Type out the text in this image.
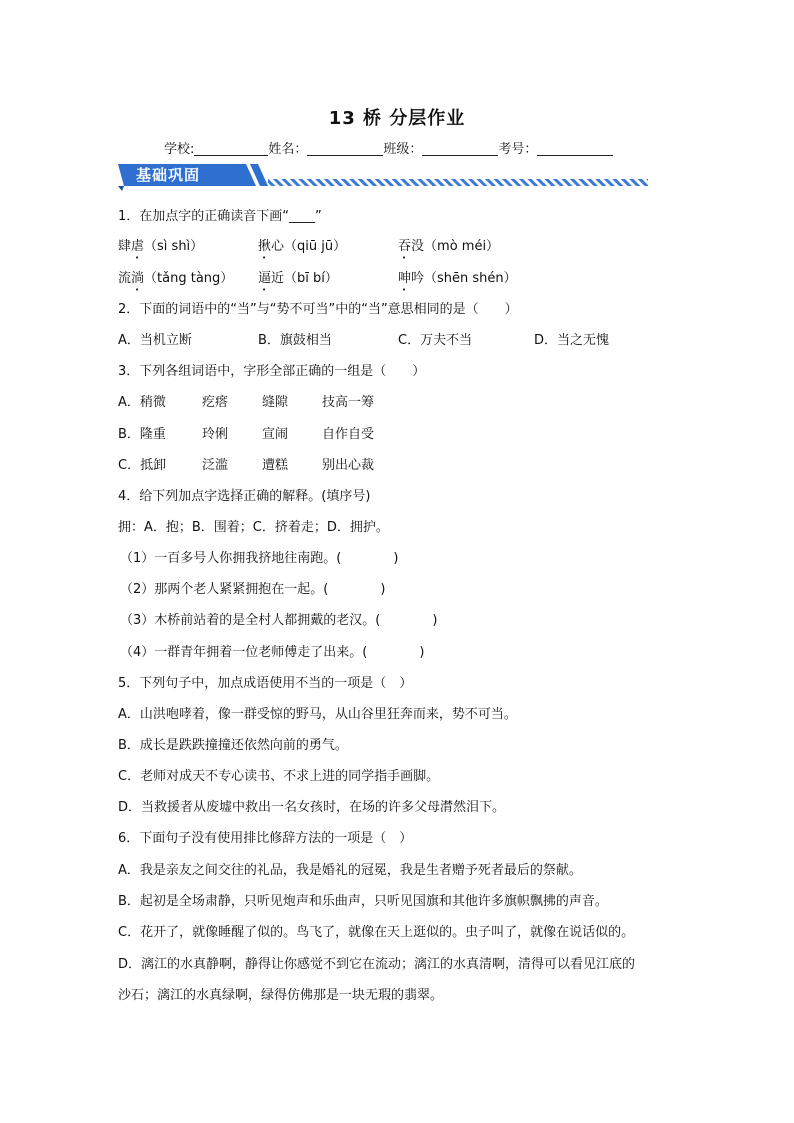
13 桥 分层作业
学校:	姓名：	班级：	考号：
基础巩固
1．在加点字的正确读音下画“____”
肆虐（sì shì）	揪心（qiū jū）	吞没（mò méi）
流淌（tǎng tàng） 逼近（bī bí）	呻吟（shēn shén）
2．下面的词语中的“当”与“势不可当”中的“当”意思相同的是（　　）
A．当机立断	B．旗鼓相当	C．万夫不当	D．当之无愧
3．下列各组词语中，字形全部正确的一组是（　　）
A．稍微	疙瘩	缝隙	技高一筹
B．隆重	玲俐	宣闹	自作自受
C．抵卸	泛滥	遭糕	别出心裁
4．给下列加点字选择正确的解释。(填序号)
拥：A．抱；B．围着；C．挤着走；D．拥护。
（1）一百多号人你拥我挤地往南跑。(　　　　)
（2）那两个老人紧紧拥抱在一起。(　　　　)
（3）木桥前站着的是全村人都拥戴的老汉。(　　　　)
（4）一群青年拥着一位老师傅走了出来。(　　　　)
5．下列句子中，加点成语使用不当的一项是（　）
A．山洪咆哮着，像一群受惊的野马，从山谷里狂奔而来，势不可当。
B．成长是跌跌撞撞还依然向前的勇气。
C．老师对成天不专心读书、不求上进的同学指手画脚。
D．当救援者从废墟中救出一名女孩时，在场的许多父母潸然泪下。
6．下面句子没有使用排比修辞方法的一项是（　）
A．我是亲友之间交往的礼品，我是婚礼的冠冕，我是生者赠予死者最后的祭献。
B．起初是全场肃静，只听见炮声和乐曲声，只听见国旗和其他许多旗帜飘拂的声音。
C．花开了，就像睡醒了似的。鸟飞了，就像在天上逛似的。虫子叫了，就像在说话似的。
D．漓江的水真静啊，静得让你感觉不到它在流动；漓江的水真清啊，清得可以看见江底的
沙石；漓江的水真绿啊，绿得仿佛那是一块无瑕的翡翠。
